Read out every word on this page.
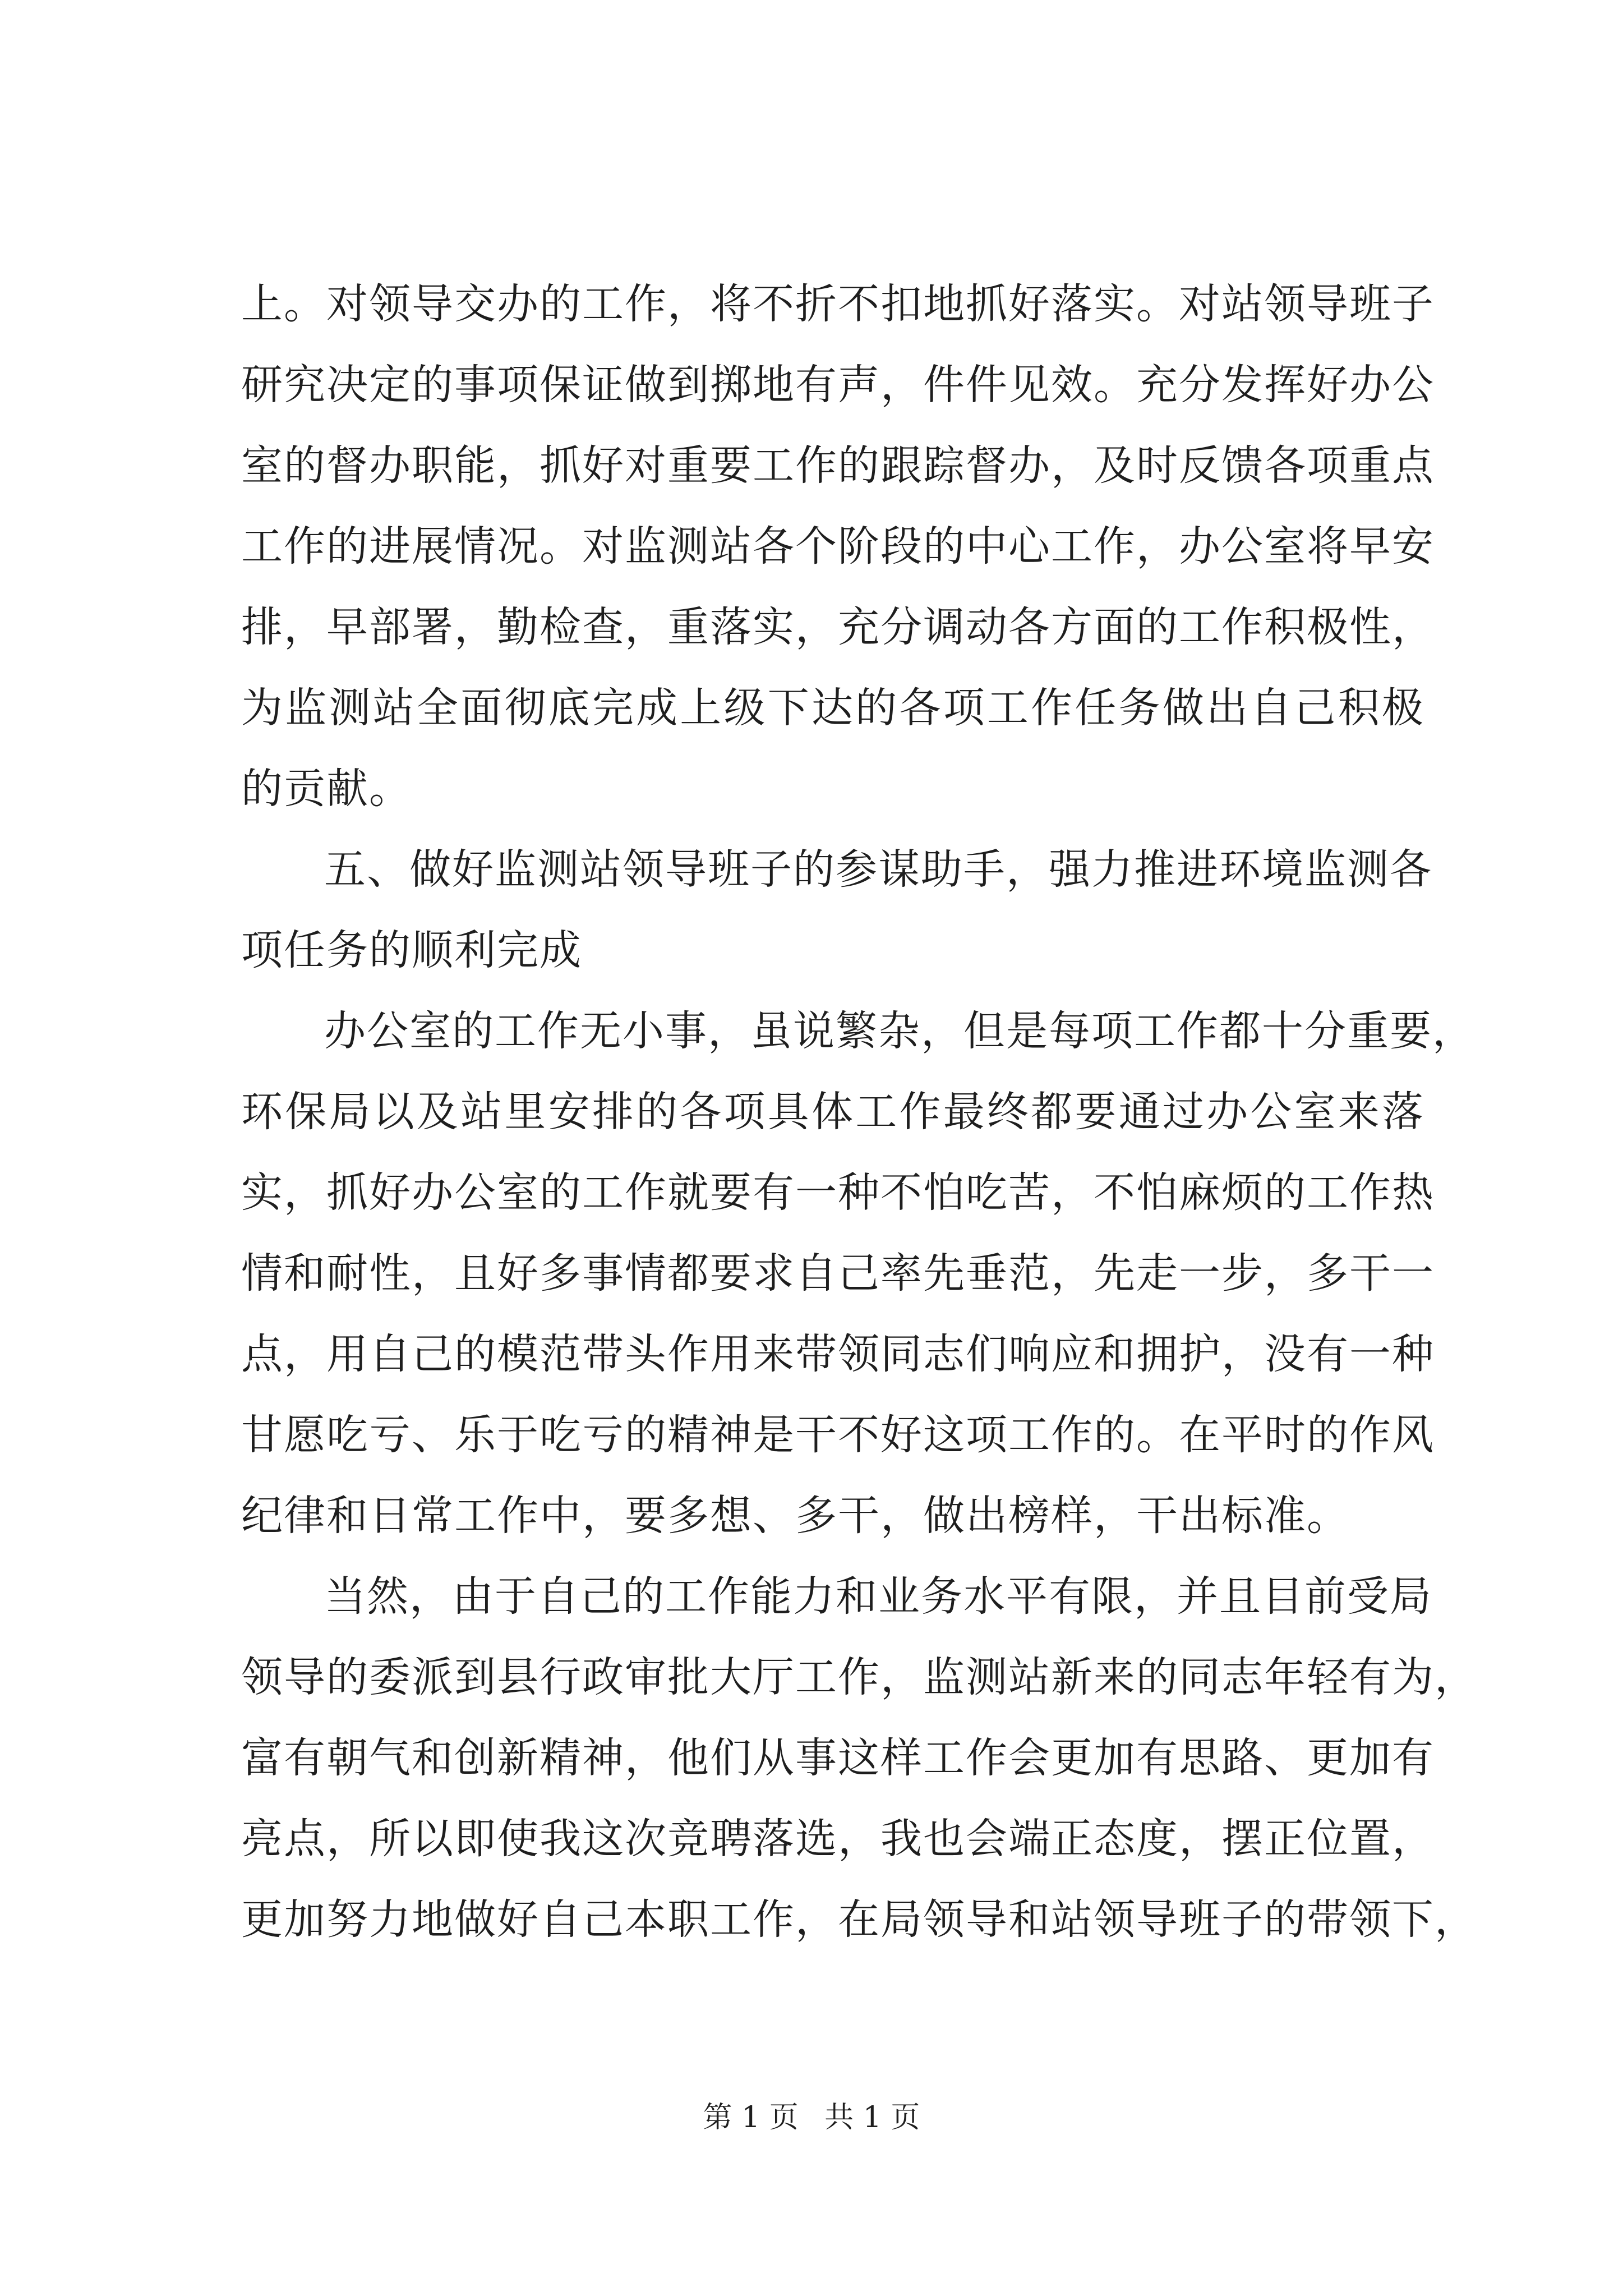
上。对领导交办的工作，将不折不扣地抓好落实。对站领导班子
研究决定的事项保证做到掷地有声，件件见效。充分发挥好办公
室的督办职能，抓好对重要工作的跟踪督办，及时反馈各项重点
工作的进展情况。对监测站各个阶段的中心工作，办公室将早安
排，早部署，勤检查，重落实，充分调动各方面的工作积极性，
为监测站全面彻底完成上级下达的各项工作任务做出自己积极
的贡献。
五、做好监测站领导班子的参谋助手，强力推进环境监测各
项任务的顺利完成
办公室的工作无小事，虽说繁杂，但是每项工作都十分重要，
环保局以及站里安排的各项具体工作最终都要通过办公室来落
实，抓好办公室的工作就要有一种不怕吃苦，不怕麻烦的工作热
情和耐性，且好多事情都要求自己率先垂范，先走一步，多干一
点，用自己的模范带头作用来带领同志们响应和拥护，没有一种
甘愿吃亏、乐于吃亏的精神是干不好这项工作的。在平时的作风
纪律和日常工作中，要多想、多干，做出榜样，干出标准。
当然，由于自己的工作能力和业务水平有限，并且目前受局
领导的委派到县行政审批大厅工作，监测站新来的同志年轻有为，
富有朝气和创新精神，他们从事这样工作会更加有思路、更加有
亮点，所以即使我这次竞聘落选，我也会端正态度，摆正位置，
更加努力地做好自己本职工作，在局领导和站领导班子的带领下，
第 1 页 共 1 页
